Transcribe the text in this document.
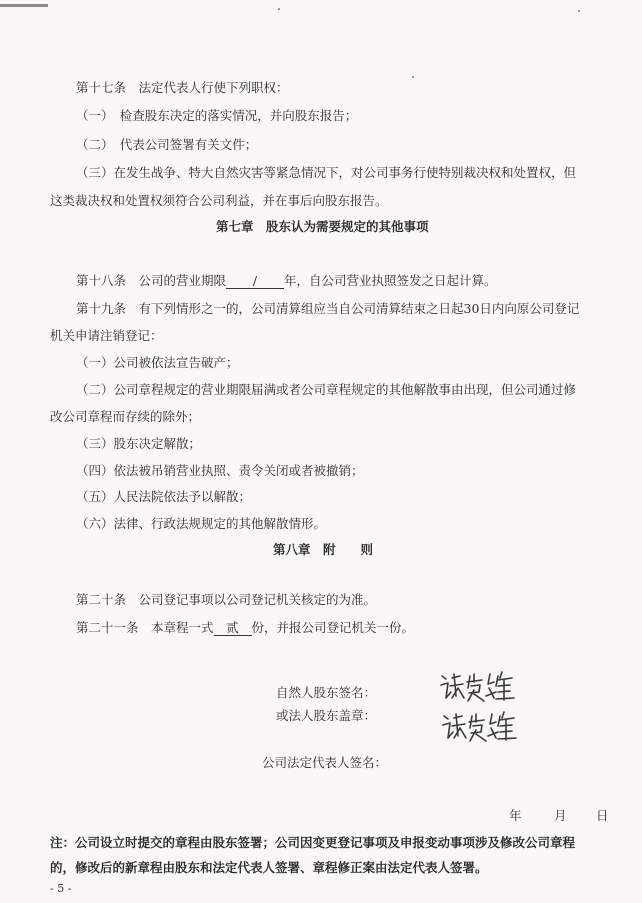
第十七条　法定代表人行使下列职权：
（一）　检查股东决定的落实情况，并向股东报告；
（二）　代表公司签署有关文件；
（三）在发生战争、特大自然灾害等紧急情况下，对公司事务行使特别裁决权和处置权，但
这类裁决权和处置权须符合公司利益，并在事后向股东报告。
第七章　股东认为需要规定的其他事项
第十八条　公司的营业期限 / 年，自公司营业执照签发之日起计算。
第十九条　有下列情形之一的，公司清算组应当自公司清算结束之日起30日内向原公司登记
机关申请注销登记：
（一）公司被依法宣告破产；
（二）公司章程规定的营业期限届满或者公司章程规定的其他解散事由出现，但公司通过修
改公司章程而存续的除外；
（三）股东决定解散；
（四）依法被吊销营业执照、责令关闭或者被撤销；
（五）人民法院依法予以解散；
（六）法律、行政法规规定的其他解散情形。
第八章　附　　则
第二十条　公司登记事项以公司登记机关核定的为准。
第二十一条　本章程一式 贰 份，并报公司登记机关一份。
自然人股东签名：
或法人股东盖章：
公司法定代表人签名：
年	月 日
注：公司设立时提交的章程由股东签署；公司因变更登记事项及申报变动事项涉及修改公司章程
的，修改后的新章程由股东和法定代表人签署、章程修正案由法定代表人签署。
- 5 -
